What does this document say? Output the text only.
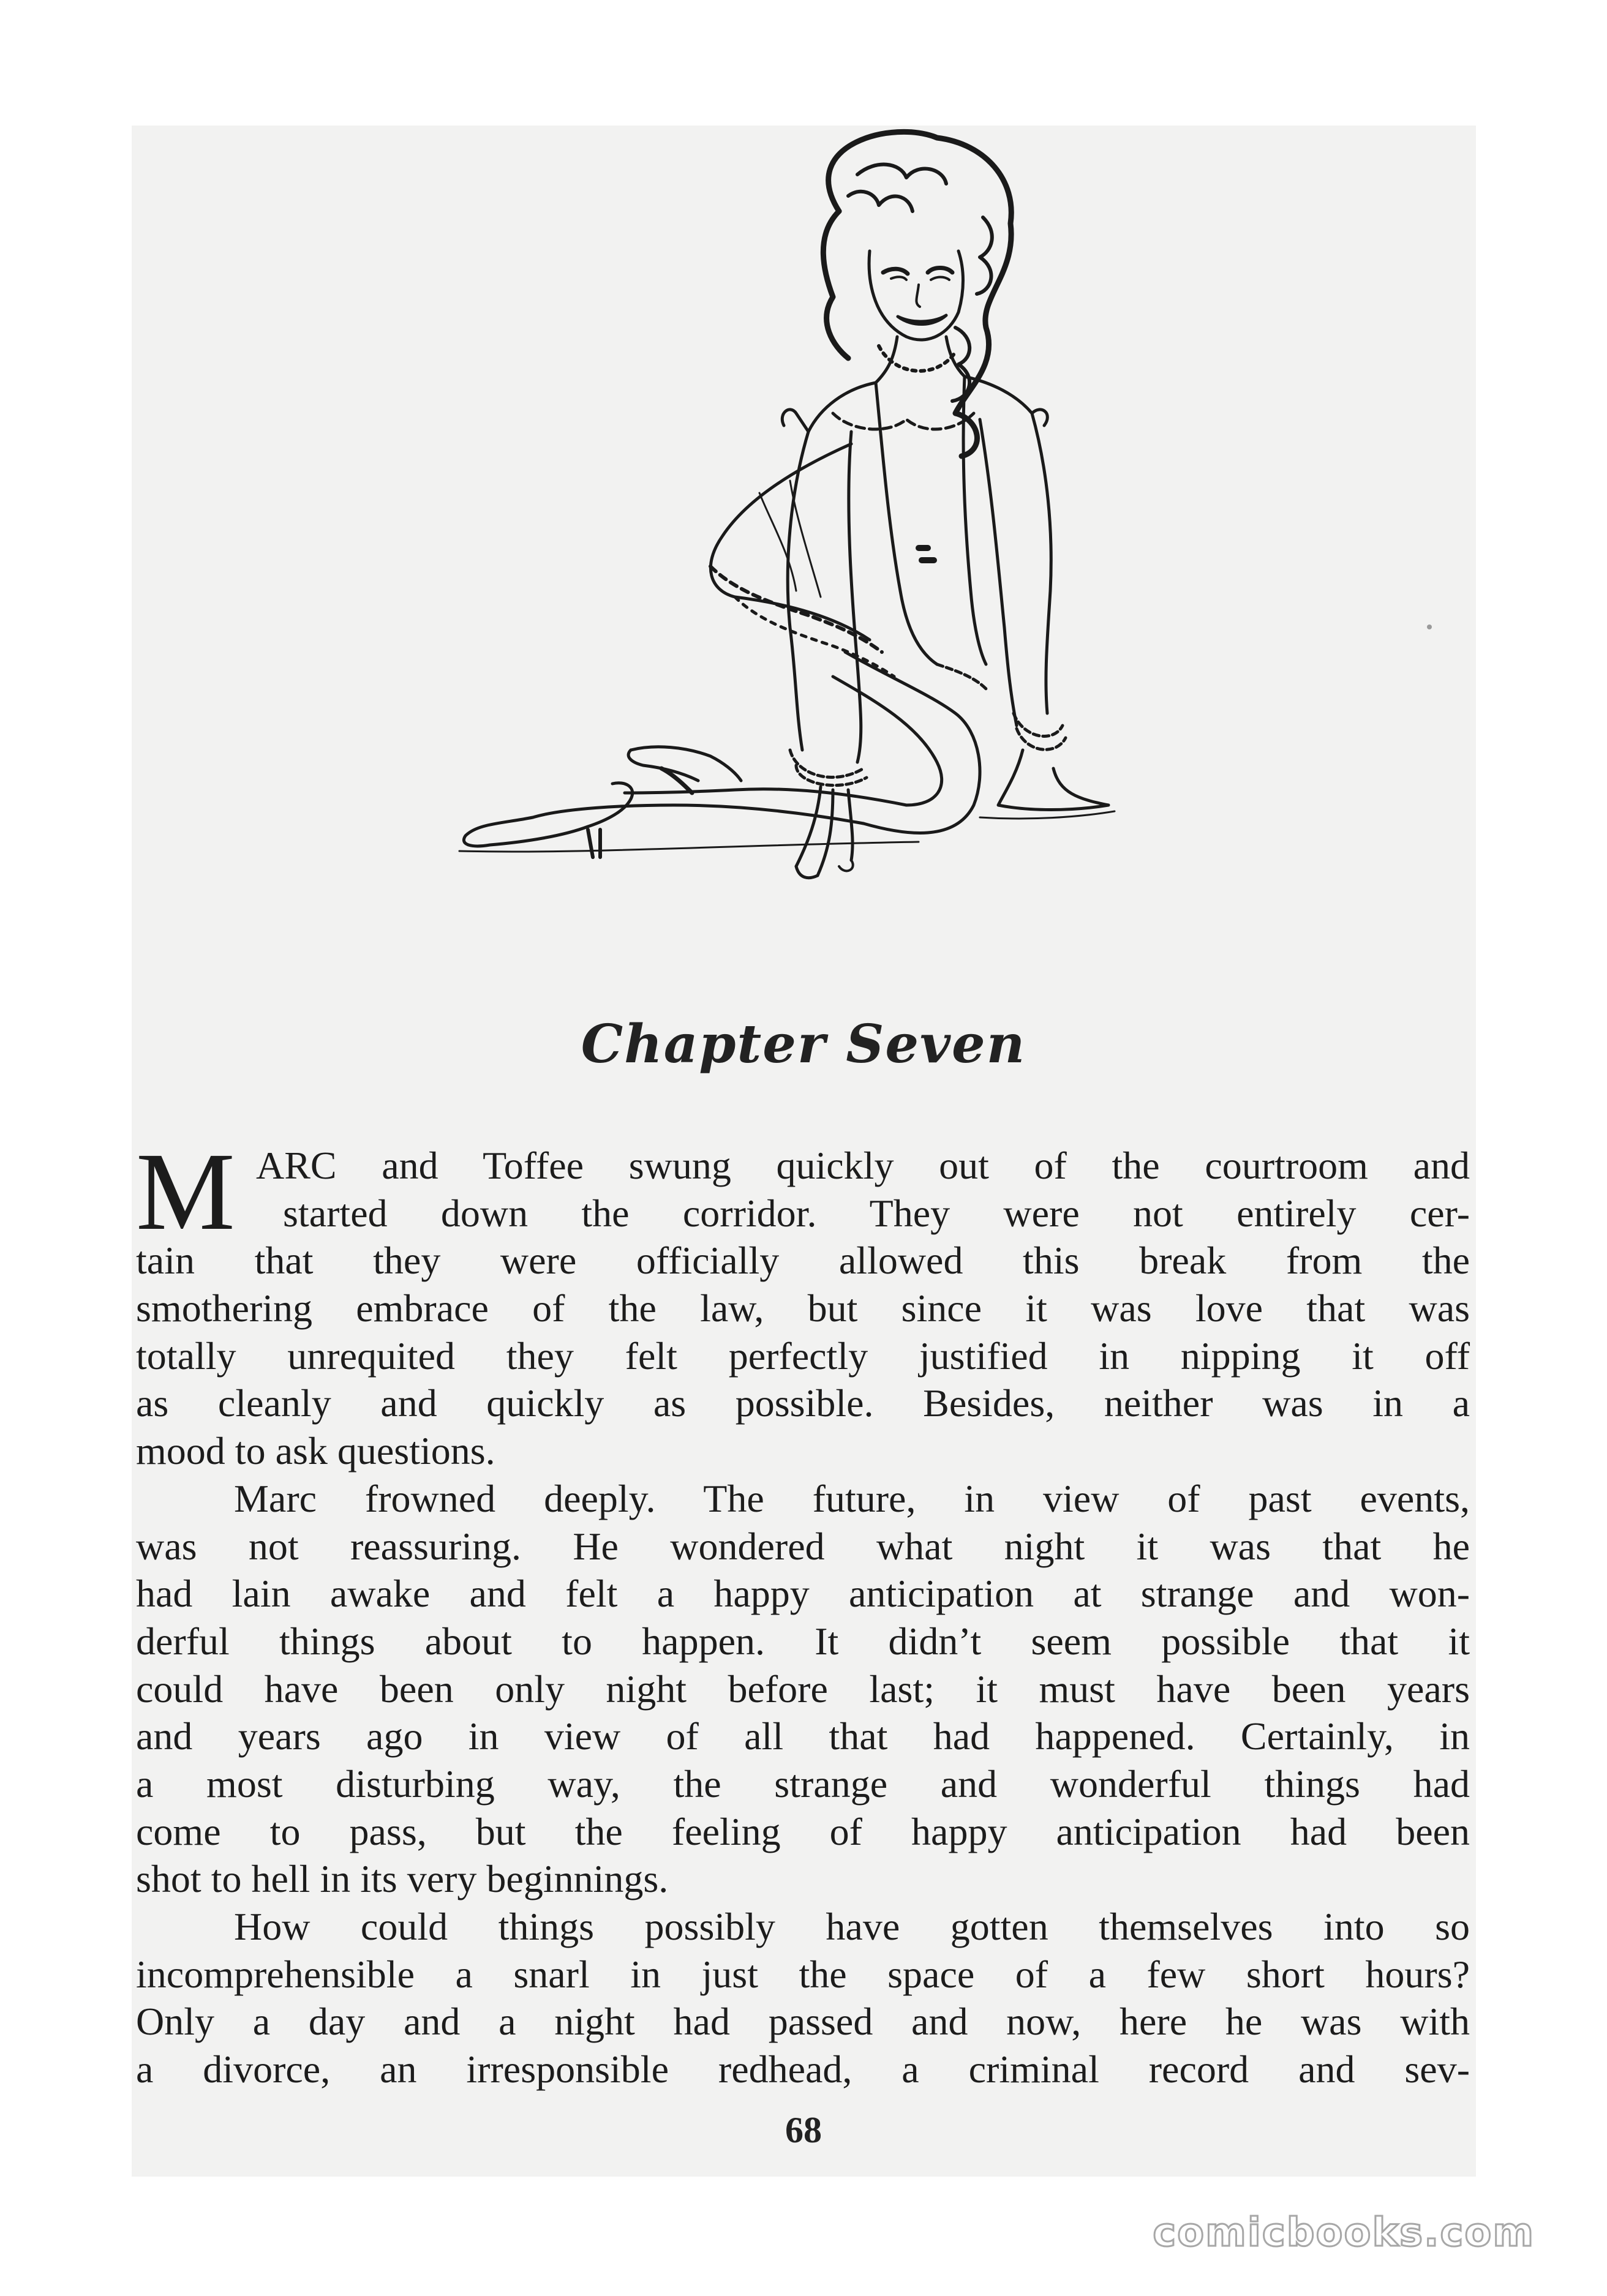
Chapter Seven
M ARC and Toffee swung quickly out of the courtroom and
started down the corridor. They were not entirely cer-
tain that they were officially allowed this break from the
smothering embrace of the law, but since it was love that was
totally unrequited they felt perfectly justified in nipping it off
as cleanly and quickly as possible. Besides, neither was in a
mood to ask questions.
Marc frowned deeply. The future, in view of past events,
was not reassuring. He wondered what night it was that he
had lain awake and felt a happy anticipation at strange and won-
derful things about to happen. It didn’t seem possible that it
could have been only night before last; it must have been years
and years ago in view of all that had happened. Certainly, in
a most disturbing way, the strange and wonderful things had
come to pass, but the feeling of happy anticipation had been
shot to hell in its very beginnings.
How could things possibly have gotten themselves into so
incomprehensible a snarl in just the space of a few short hours?
Only a day and a night had passed and now, here he was with
a divorce, an irresponsible redhead, a criminal record and sev-
68
comicbooks.com
